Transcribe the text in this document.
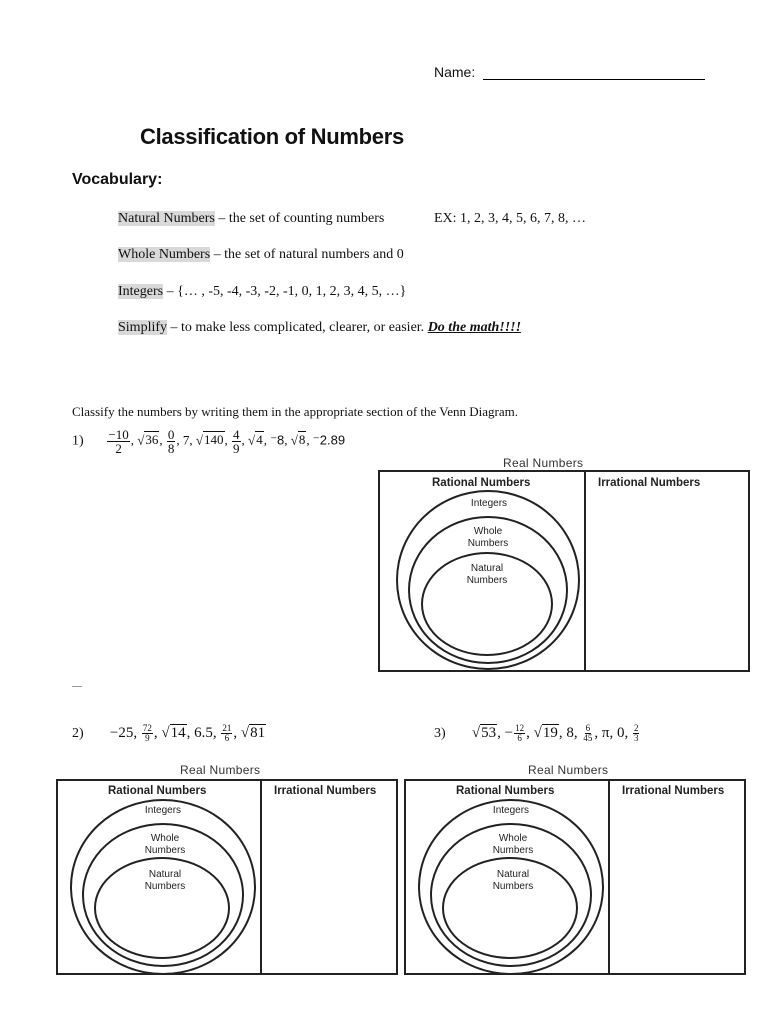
Name:
Classification of Numbers
Vocabulary:
Natural Numbers – the set of counting numbers	EX: 1, 2, 3, 4, 5, 6, 7, 8, …
Whole Numbers – the set of natural numbers and 0
Integers – {… , -5, -4, -3, -2, -1, 0, 1, 2, 3, 4, 5, …}
Simplify – to make less complicated, clearer, or easier. Do the math!!!!
Classify the numbers by writing them in the appropriate section of the Venn Diagram.
$1) \frac{-10}{2}$ , √36, $\frac{0}{8}$ , 7, √140, $\frac{4}{9}$ , √4, ⁻8, √8, ⁻2.89
Real Numbers
Rational Numbers	Irrational Numbers
Integers
Whole Numbers
Natural Numbers
2) −25, $\frac{72}{9}$ , √14, 6.5, $\frac{21}{6}$ , √81	3) √53, − $\frac{12}{6}$ , √19, 8, $\frac{6}{45}$ , π, 0, $\frac{2}{3}$
Real Numbers
Rational Numbers	Irrational Numbers
Integers
Whole Numbers
Natural Numbers
Real Numbers
Rational Numbers	Irrational Numbers
Integers
Whole Numbers
Natural Numbers
